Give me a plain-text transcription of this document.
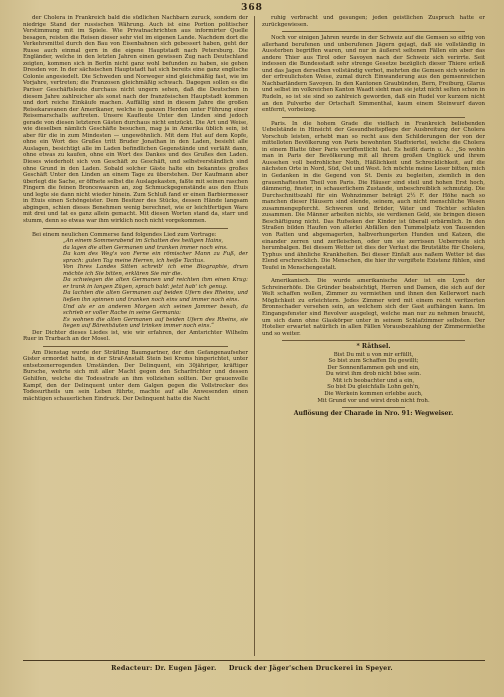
368

der Cholera in Frankreich bald die südlichen Nachbarn zuruck, sondern der niedrige Stand der russischen Währung. Auch ist eine Portion politischer Verstimmung mit im Spiele. Wie Privatnachrichten aus informirter Quelle besagen, reisten die Reisen dieser sehr viel im eigenen Lande. Nachdem dort die Verkehrsmittel durch den Bau von Eisenbahnen sich gebessert haben, geht der Russe auch einmal gern in die eigene Hauptstadt nach Petersburg. Die Engländer, welche in den letzten Jahren einen gewissen Zug nach Deutschland zeigten, kommen sich in Berlin nicht ganz wohl befunden zu haben, sie gehen Dresden vor. In der sächsischen Hauptstadt hat sich bereits eine ganz englische Colonie angesiedelt. Die Schweden und Norweger sind gleichmäßig fast, wie im Vorjahre, vertreten; die Franzosen gleichmäßig schwach. Dagegen sollen es die Pariser Geschäftsleute durchaus nicht ungern sehen, daß die Deutschen in diesem Jahre zahlreicher als sonst nach der französischen Hauptstadt kommen und dort reiche Einkäufe machen. Auffällig sind in diesem Jahre die großen Reisekaravanen der Amerikaner, welche in ganzen Herden unter Führung einer Reisemarschalls auftreten. Unsere Kaufleute Unter den Linden sind jedoch gerade von diesen letzteren Gästen durchaus nicht entzückt. Die Art und Weise, wie dieselben nämlich Geschäfte besuchen, mag ja in Amerika üblich sein, ist aber für die in zum Mindesten — ungewöhnlich. Mit dem Hut auf dem Kopfe, ohne ein Wort des Grußes tritt Bruder Jonathan in den Laden, besieht alle Auslagen, besichtigt alle im Laden befindlichen Gegenstände und verläßt dann, ohne etwas zu kaufen, ohne ein Wort des Dankes und des Grußes den Laden. Dieses wiederholt sich von Geschäft zu Geschäft, und selbstverständlich sind ohne Grund in den Laden. Sobald solcher Gäste halte ein bekanntes großes Geschäft Unter den Linden an einem Tage zu überstehen. Der Kaufmann aber überlegt die Sache, er öffnete selbst die Auslagekasten, faßte mit seinen raschen Fingern die feinen Broncewaaren an, zog Schmuckgegenstände aus den Etuis und legte sie dann nicht wieder hinein. Zum Schluß fand er einen Barbiermesser in Etuis einen Schöngeister. Dem Besitzer des Stücks, dessen Hände langsam abgingen, schien dieses Benehmen wenig berechnet, wie er leichtfertigen Ware mit drei und tat es ganz allein gemacht. Mit diesen Worten stand da, starr und stumm, denn so etwas war ihm wirklich noch nicht vorgekommen.

Bei einem neulichen Commerse fand folgendes Lied zum Vortrage:

„An einem Sommerabend im Schatten des heiligen Hains,

da lagen die alten Germanen und tranken immer noch eins.

Da kam des Weg's von Ferne ein römischer Mann zu Fuß, der sprach: guten Tag meine Herren, ich heiße Tacitus.

Von Ihres Landes Sitten schreib' ich eine Biographie, drum möchte ich Sie bitten, erklären Sie mir die.

Da schwiegen die alten Germanen und reichten ihm einen Krug: er trank in langen Zügen, sprach bald: jetzt hab' ich genug.

Da lachten die alten Germanen auf beiden Ufern des Rheins, und ließen ihn spinnen und tranken noch eins und immer noch eins.

Und als er an anderen Morgen sich seinen Jammer besah, da schrieb er voller Rache in seine Germania:

Es wohnen die alten Germanen auf beiden Ufern des Rheins, sie liegen auf Bärenhäuten und trinken immer noch eins.“

Der Dichter dieses Liedes ist, wie wir erfahren, der Amtsrichter Wilhelm Ruer in Trarbach an der Mosel.

Am Dienstag wurde der Sträfling Baumgartner, der den Gefangenaufseher Gister ermordet hatte, in der Straf-Anstalt Stein bei Krems hingerichtet, unter entsetzenerregenden Umständen. Der Delinquent, ein 30jähriger, kräftiger Bursche, wehrte sich mit aller Macht gegen den Scharfrichter und dessen Gehilfen, welche die Todesstrafe an ihm vollziehen sollten. Der grauenvolle Kampf, den der Delinquent unter dem Galgen gegen die Vollstrecker des Todesurtheils um sein Leben führte, machte auf alle Anwesenden einen mächtigen schauerlichen Eindruck. Der Delinquent hatte die Nacht

ruhig verbracht und gesungen; jeden geistlichen Zuspruch hatte er zurückgewiesen.

Noch vor einigen Jahren wurde in der Schweiz auf die Gemsen so eifrig von allerhand berufenen und unberufenen Jägern gejagt, daß sie vollständig in Aussterben begriffen waren, und nur in äußerst seltenen Fällen ein aber das andere Thier aus Tirol oder Savoyen nach der Schweiz sich verirrte. Seit indessen die Bundesstadt sehr strenge Gesetze bezüglich dieser Thiere erließ und das Jagen derselben vollständig verbot, mehrten die Gemsen sich wieder in der erfreulichsten Weise, zumal durch Einwanderung aus den gemsenreichen Nachbarländern Savoyen. In den Kantonen Graubünden, Bern, Freiburg, Glarus und selbst im volkreichen Kanton Waadt sieht man sie jetzt nicht selten schon in Rudeln, so ist sie sind so zahlreich geworden, daß ein Rudel vor kurzem nicht an den Pulverbe der Ortschaft Simmenthal, kaum einem Steinwurf davon entfernt, vorbeizog.

Paris. In die hohem Grade die vielfach in Frankreich beliebenden Uebelstände in Hinsicht der Gesundheitspflege der Ausbreitung der Cholera Vorschub leisten, erhebt man so recht aus den Schilderungen der von der mittelloten Bevölkerung von Paris bewohnten Stadtviertel, welche die Cholera in einem Blatte über Paris veröffentlicht hat. Es heißt darin u. A.: „So wohin man in Paris der Bevölkerung mit all ihrem großen Unglück und ihrem Aussehen voll bedrohlicher Noth, Häßlichkeit und Schrecklichkeit, auf die nächsten Orte in Nord, Süd, Ost und West. Ich möchte meine Leser bitten, mich in Gedanken in die Gegend von St. Denis zu begleiten, ziemlich in den grauenhaftesten Theil von Paris. Die Häuser sind steil und hohen Erst hoch, dämmerig, finster, in schauerlichem Zustande, unbeschreiblich schmutzig. Die Durchschnittszahl für ein Wohnzimmer beträgt 2½ F. der Höhe nach so manchen dieser Häusern sind elende, seinem, auch nicht menschliche Wesen zusammengepfercht. Schweren und Brüder, Väter und Töchter schlafen zusammen. Die Männer arbeiten nichts, sie verdienen Geld, sie bringen diesen Beschäftigung nicht. Das Rufseken der Kinder ist überall erbärmlich. In den Straßen bilden Haufen von allerlei Abfällen den Tummelplatz von Tausenden von Ratten und abgemagerten, halbverhungerten Hunden und Katzen, die einander zerren und zerfleischen, oder um sie zerrissen Ueberreste sich herumbalgen. Bei diesem Wetter ist dies der Verlust die Brutstätte für Cholera, Typhus und ähnliche Krankheiten. Bei dieser Einfalt aus naßem Wetter ist das Elend erschrecklich. Die Menschen, die hier ihr vergiftete Existenz fühlen, sind Teufel in Menschengestalt.

Amerikanisch. Die wurde amerikanische Ader ist ein Lynch der Schreinerhöfe. Die Gründer beabsichtigt, Herren und Damen, die sich auf der Welt schaffen wollen, Zimmer zu vermiethen und ihnen den Kellerwort nach Möglichkeit zu erleichtern. Jedes Zimmer wird mit einem recht veritzerten Bronnschader versehen sein, an welchem sich der Gast aufhängen kann. Im Eingangsfenster sind Revolver ausgelegt, welche man nur zu nehmen braucht, um sich dann ohne Glaskörper unter in seinem Schlafzimmer selbsten. Der Hotelier erwartet natürlich in allen Fällen Vorausbezahlung der Zimmermiethe und so weiter.

* Räthsel.

Bist Du mit u von mir erfüllt,

So bist zum Schaffen Du gewillt;

Der Sonnenflammen geh und ein,

Du wirst ihm drob nicht böse sein.

Mit ich beobachter und a ein,

So bist Du gleichfalls Lohn geh'n,

Die Werkein kommen erlebbe auch,

Mit Grund vor und wirst drob nicht froh.

Auflösung der Charade in Nro. 91: Wegweiser.

Redacteur: Dr. Eugen Jäger. Druck der Jäger'schen Druckerei in Speyer.
